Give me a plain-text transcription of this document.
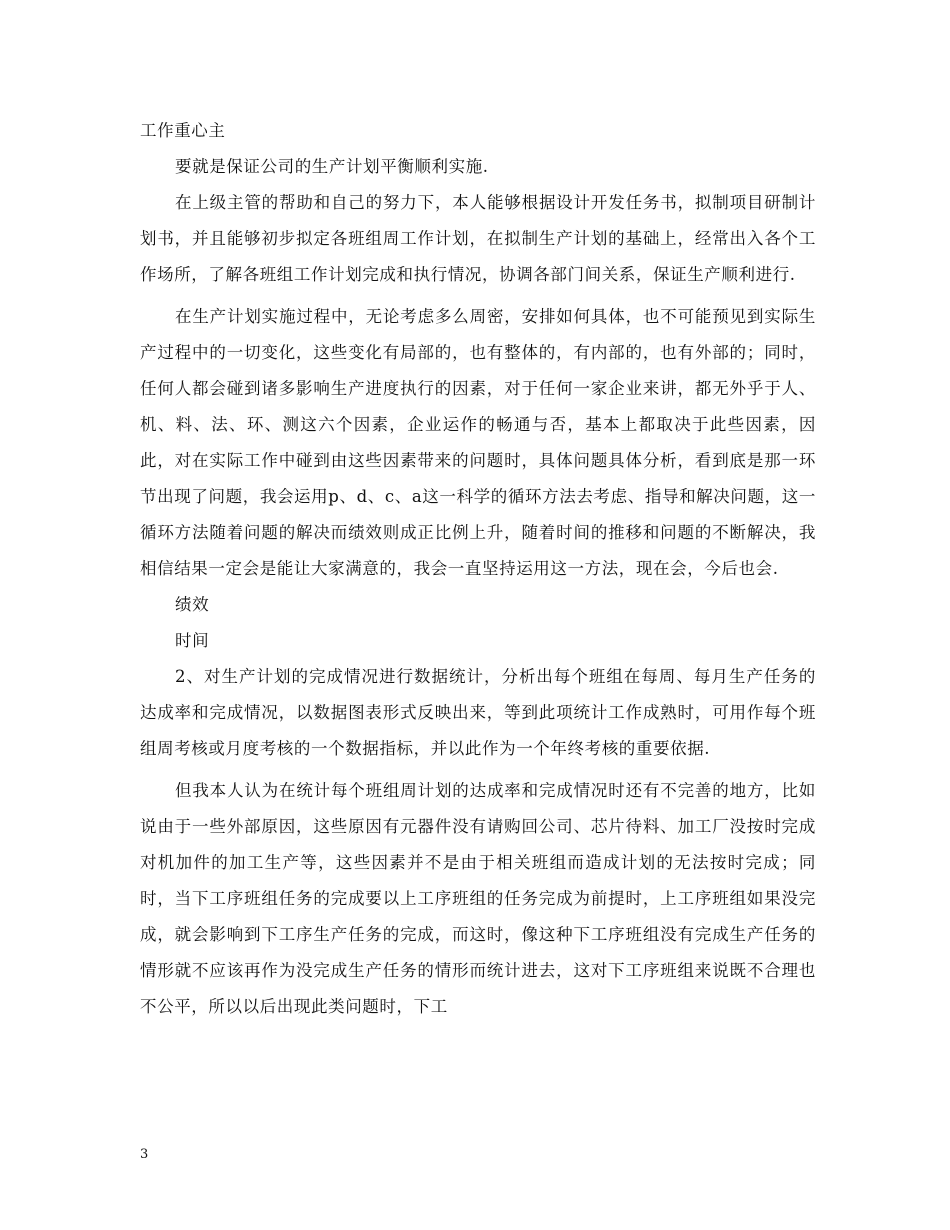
工作重心主

要就是保证公司的生产计划平衡顺利实施.

在上级主管的帮助和自己的努力下，本人能够根据设计开发任务书，拟制项目研制计划书，并且能够初步拟定各班组周工作计划，在拟制生产计划的基础上，经常出入各个工作场所，了解各班组工作计划完成和执行情况，协调各部门间关系，保证生产顺利进行.

在生产计划实施过程中，无论考虑多么周密，安排如何具体，也不可能预见到实际生产过程中的一切变化，这些变化有局部的，也有整体的，有内部的，也有外部的；同时，任何人都会碰到诸多影响生产进度执行的因素，对于任何一家企业来讲，都无外乎于人、机、料、法、环、测这六个因素，企业运作的畅通与否，基本上都取决于此些因素，因此，对在实际工作中碰到由这些因素带来的问题时，具体问题具体分析，看到底是那一环节出现了问题，我会运用p、d、c、a这一科学的循环方法去考虑、指导和解决问题，这一循环方法随着问题的解决而绩效则成正比例上升，随着时间的推移和问题的不断解决，我相信结果一定会是能让大家满意的，我会一直坚持运用这一方法，现在会，今后也会.

绩效

时间

2、对生产计划的完成情况进行数据统计，分析出每个班组在每周、每月生产任务的达成率和完成情况，以数据图表形式反映出来，等到此项统计工作成熟时，可用作每个班组周考核或月度考核的一个数据指标，并以此作为一个年终考核的重要依据.

但我本人认为在统计每个班组周计划的达成率和完成情况时还有不完善的地方，比如说由于一些外部原因，这些原因有元器件没有请购回公司、芯片待料、加工厂没按时完成对机加件的加工生产等，这些因素并不是由于相关班组而造成计划的无法按时完成；同时，当下工序班组任务的完成要以上工序班组的任务完成为前提时，上工序班组如果没完成，就会影响到下工序生产任务的完成，而这时，像这种下工序班组没有完成生产任务的情形就不应该再作为没完成生产任务的情形而统计进去，这对下工序班组来说既不合理也不公平，所以以后出现此类问题时，下工

3
